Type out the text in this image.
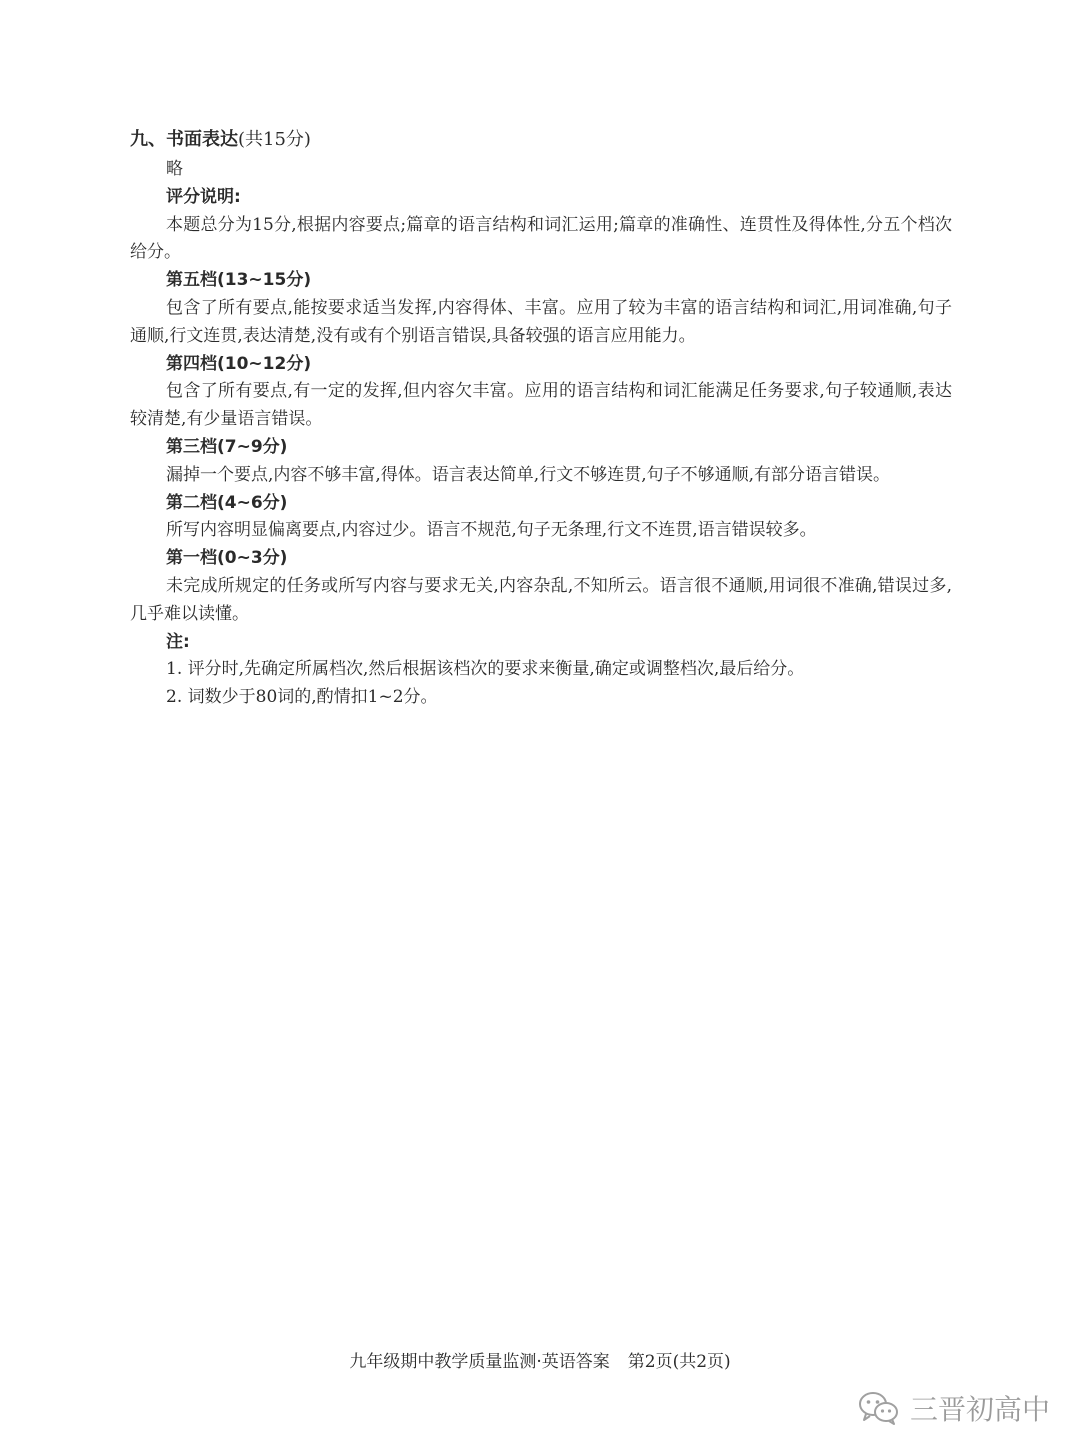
九、书面表达(共15分)

略

评分说明:

本题总分为15分,根据内容要点;篇章的语言结构和词汇运用;篇章的准确性、连贯性及得体性,分五个档次给分。

第五档(13~15分)

包含了所有要点,能按要求适当发挥,内容得体、丰富。应用了较为丰富的语言结构和词汇,用词准确,句子通顺,行文连贯,表达清楚,没有或有个别语言错误,具备较强的语言应用能力。

第四档(10~12分)

包含了所有要点,有一定的发挥,但内容欠丰富。应用的语言结构和词汇能满足任务要求,句子较通顺,表达较清楚,有少量语言错误。

第三档(7~9分)

漏掉一个要点,内容不够丰富,得体。语言表达简单,行文不够连贯,句子不够通顺,有部分语言错误。

第二档(4~6分)

所写内容明显偏离要点,内容过少。语言不规范,句子无条理,行文不连贯,语言错误较多。

第一档(0~3分)

未完成所规定的任务或所写内容与要求无关,内容杂乱,不知所云。语言很不通顺,用词很不准确,错误过多,几乎难以读懂。

注:

1. 评分时,先确定所属档次,然后根据该档次的要求来衡量,确定或调整档次,最后给分。

2. 词数少于80词的,酌情扣1~2分。

九年级期中教学质量监测·英语答案 第2页(共2页)
三晋初高中
